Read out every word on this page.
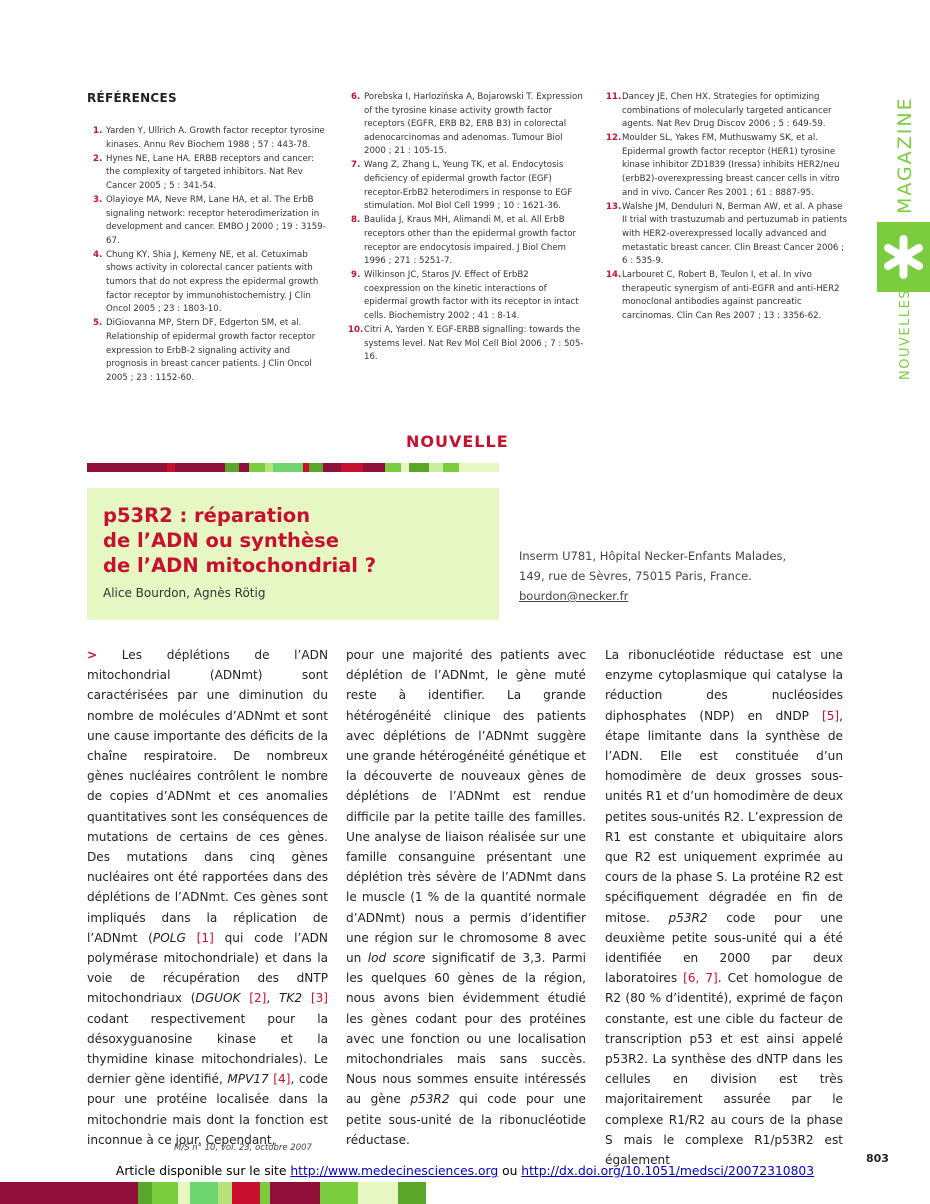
RÉFÉRENCES
1. Yarden Y, Ullrich A. Growth factor receptor tyrosine kinases. Annu Rev Biochem 1988 ; 57 : 443-78.
2. Hynes NE, Lane HA. ERBB receptors and cancer: the complexity of targeted inhibitors. Nat Rev Cancer 2005 ; 5 : 341-54.
3. Olayioye MA, Neve RM, Lane HA, et al. The ErbB signaling network: receptor heterodimerization in development and cancer. EMBO J 2000 ; 19 : 3159-67.
4. Chung KY, Shia J, Kemeny NE, et al. Cetuximab shows activity in colorectal cancer patients with tumors that do not express the epidermal growth factor receptor by immunohistochemistry. J Clin Oncol 2005 ; 23 : 1803-10.
5. DiGiovanna MP, Stern DF, Edgerton SM, et al. Relationship of epidermal growth factor receptor expression to ErbB-2 signaling activity and prognosis in breast cancer patients. J Clin Oncol 2005 ; 23 : 1152-60.
6. Porebska I, Harlozińska A, Bojarowski T. Expression of the tyrosine kinase activity growth factor receptors (EGFR, ERB B2, ERB B3) in colorectal adenocarcinomas and adenomas. Tumour Biol 2000 ; 21 : 105-15.
7. Wang Z, Zhang L, Yeung TK, et al. Endocytosis deficiency of epidermal growth factor (EGF) receptor-ErbB2 heterodimers in response to EGF stimulation. Mol Biol Cell 1999 ; 10 : 1621-36.
8. Baulida J, Kraus MH, Alimandi M, et al. All ErbB receptors other than the epidermal growth factor receptor are endocytosis impaired. J Biol Chem 1996 ; 271 : 5251-7.
9. Wilkinson JC, Staros JV. Effect of ErbB2 coexpression on the kinetic interactions of epidermal growth factor with its receptor in intact cells. Biochemistry 2002 ; 41 : 8-14.
10. Citri A, Yarden Y. EGF-ERBB signalling: towards the systems level. Nat Rev Mol Cell Biol 2006 ; 7 : 505-16.
11. Dancey JE, Chen HX. Strategies for optimizing combinations of molecularly targeted anticancer agents. Nat Rev Drug Discov 2006 ; 5 : 649-59.
12. Moulder SL, Yakes FM, Muthuswamy SK, et al. Epidermal growth factor receptor (HER1) tyrosine kinase inhibitor ZD1839 (Iressa) inhibits HER2/neu (erbB2)-overexpressing breast cancer cells in vitro and in vivo. Cancer Res 2001 ; 61 : 8887-95.
13. Walshe JM, Denduluri N, Berman AW, et al. A phase II trial with trastuzumab and pertuzumab in patients with HER2-overexpressed locally advanced and metastatic breast cancer. Clin Breast Cancer 2006 ; 6 : 535-9.
14. Larbouret C, Robert B, Teulon I, et al. In vivo therapeutic synergism of anti-EGFR and anti-HER2 monoclonal antibodies against pancreatic carcinomas. Clin Can Res 2007 ; 13 : 3356-62.
MAGAZINE
NOUVELLES
NOUVELLE
p53R2 : réparation
de l’ADN ou synthèse
de l’ADN mitochondrial ?
Alice Bourdon, Agnès Rötig
Inserm U781, Hôpital Necker-Enfants Malades,
149, rue de Sèvres, 75015 Paris, France.
bourdon@necker.fr

> Les déplétions de l’ADN mitochondrial (ADNmt) sont caractérisées par une diminution du nombre de molécules d’ADNmt et sont une cause importante des déficits de la chaîne respiratoire. De nombreux gènes nucléaires contrôlent le nombre de copies d’ADNmt et ces anomalies quantitatives sont les conséquences de mutations de certains de ces gènes. Des mutations dans cinq gènes nucléaires ont été rapportées dans des déplétions de l’ADNmt. Ces gènes sont impliqués dans la réplication de l’ADNmt (POLG [1] qui code l’ADN polymérase mitochondriale) et dans la voie de récupération des dNTP mitochondriaux (DGUOK [2], TK2 [3] codant respectivement pour la désoxyguanosine kinase et la thymidine kinase mitochondriales). Le dernier gène identifié, MPV17 [4], code pour une protéine localisée dans la mitochondrie mais dont la fonction est inconnue à ce jour. Cependant,

pour une majorité des patients avec déplétion de l’ADNmt, le gène muté reste à identifier. La grande hétérogénéité clinique des patients avec déplétions de l’ADNmt suggère une grande hétérogénéité génétique et la découverte de nouveaux gènes de déplétions de l’ADNmt est rendue difficile par la petite taille des familles. Une analyse de liaison réalisée sur une famille consanguine présentant une déplétion très sévère de l’ADNmt dans le muscle (1 % de la quantité normale d’ADNmt) nous a permis d’identifier une région sur le chromosome 8 avec un lod score significatif de 3,3. Parmi les quelques 60 gènes de la région, nous avons bien évidemment étudié les gènes codant pour des protéines avec une fonction ou une localisation mitochondriales mais sans succès. Nous nous sommes ensuite intéressés au gène p53R2 qui code pour une petite sous-unité de la ribonucléotide réductase.

La ribonucléotide réductase est une enzyme cytoplasmique qui catalyse la réduction des nucléosides diphosphates (NDP) en dNDP [5], étape limitante dans la synthèse de l’ADN. Elle est constituée d’un homodimère de deux grosses sous-unités R1 et d’un homodimère de deux petites sous-unités R2. L’expression de R1 est constante et ubiquitaire alors que R2 est uniquement exprimée au cours de la phase S. La protéine R2 est spécifiquement dégradée en fin de mitose. p53R2 code pour une deuxième petite sous-unité qui a été identifiée en 2000 par deux laboratoires [6, 7]. Cet homologue de R2 (80 % d’identité), exprimé de façon constante, est une cible du facteur de transcription p53 et est ainsi appelé p53R2. La synthèse des dNTP dans les cellules en division est très majoritairement assurée par le complexe R1/R2 au cours de la phase S mais le complexe R1/p53R2 est également

M/S n° 10, vol. 23, octobre 2007
803
Article disponible sur le site http://www.medecinesciences.org ou http://dx.doi.org/10.1051/medsci/20072310803
